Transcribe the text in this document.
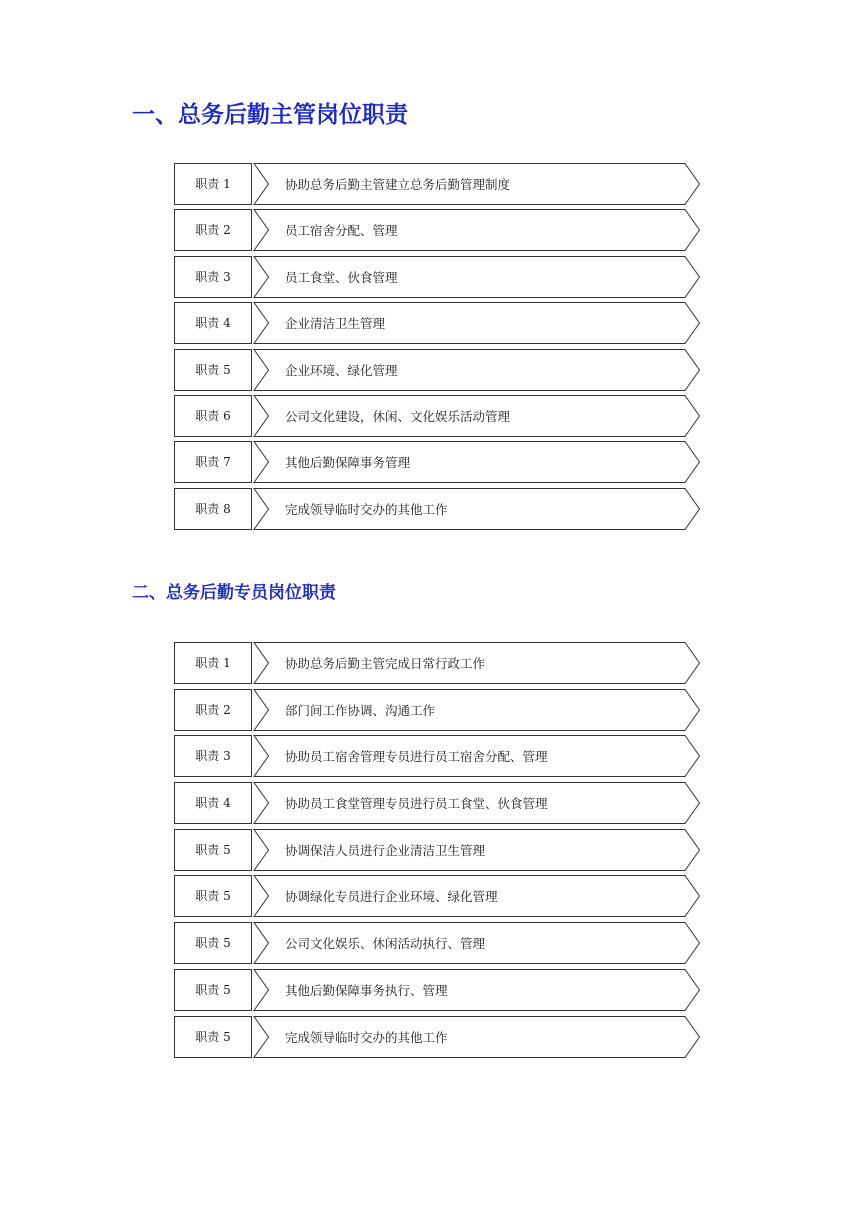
一、总务后勤主管岗位职责
职责 1	协助总务后勤主管建立总务后勤管理制度
职责 2	员工宿舍分配、管理
职责 3	员工食堂、伙食管理
职责 4	企业清洁卫生管理
职责 5	企业环境、绿化管理
职责 6	公司文化建设，休闲、文化娱乐活动管理
职责 7	其他后勤保障事务管理
职责 8	完成领导临时交办的其他工作
二、总务后勤专员岗位职责
职责 1	协助总务后勤主管完成日常行政工作
职责 2	部门间工作协调、沟通工作
职责 3	协助员工宿舍管理专员进行员工宿舍分配、管理
职责 4	协助员工食堂管理专员进行员工食堂、伙食管理
职责 5	协调保洁人员进行企业清洁卫生管理
职责 5	协调绿化专员进行企业环境、绿化管理
职责 5	公司文化娱乐、休闲活动执行、管理
职责 5	其他后勤保障事务执行、管理
职责 5	完成领导临时交办的其他工作
